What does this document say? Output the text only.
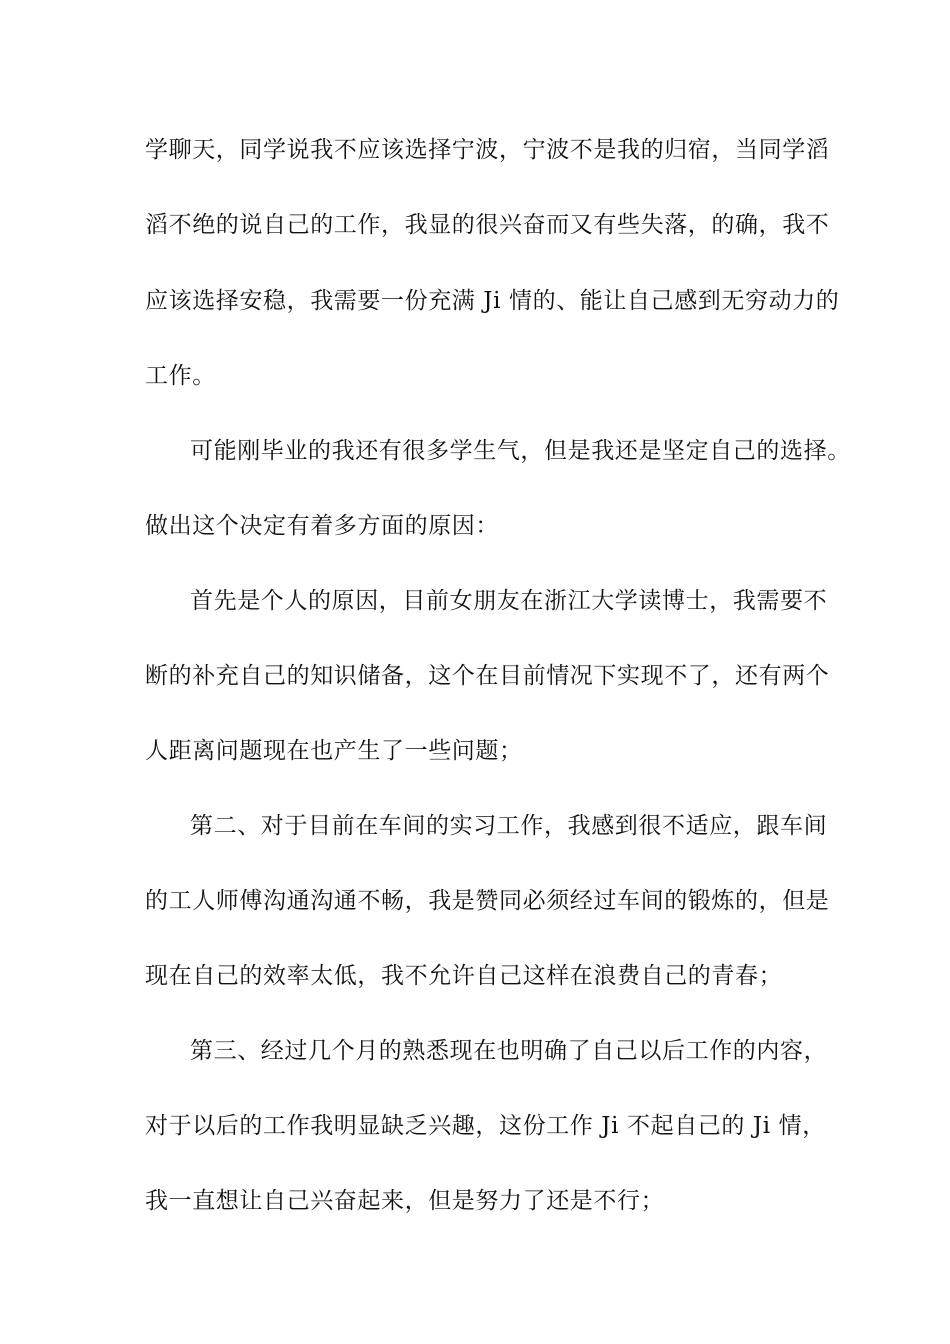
学聊天，同学说我不应该选择宁波，宁波不是我的归宿，当同学滔
滔不绝的说自己的工作，我显的很兴奋而又有些失落，的确，我不
应该选择安稳，我需要一份充满 Ji 情的、能让自己感到无穷动力的
工作。
可能刚毕业的我还有很多学生气，但是我还是坚定自己的选择。
做出这个决定有着多方面的原因：
首先是个人的原因，目前女朋友在浙江大学读博士，我需要不
断的补充自己的知识储备，这个在目前情况下实现不了，还有两个
人距离问题现在也产生了一些问题；
第二、对于目前在车间的实习工作，我感到很不适应，跟车间
的工人师傅沟通沟通不畅，我是赞同必须经过车间的锻炼的，但是
现在自己的效率太低，我不允许自己这样在浪费自己的青春；
第三、经过几个月的熟悉现在也明确了自己以后工作的内容，
对于以后的工作我明显缺乏兴趣，这份工作 Ji 不起自己的 Ji 情，
我一直想让自己兴奋起来，但是努力了还是不行；
